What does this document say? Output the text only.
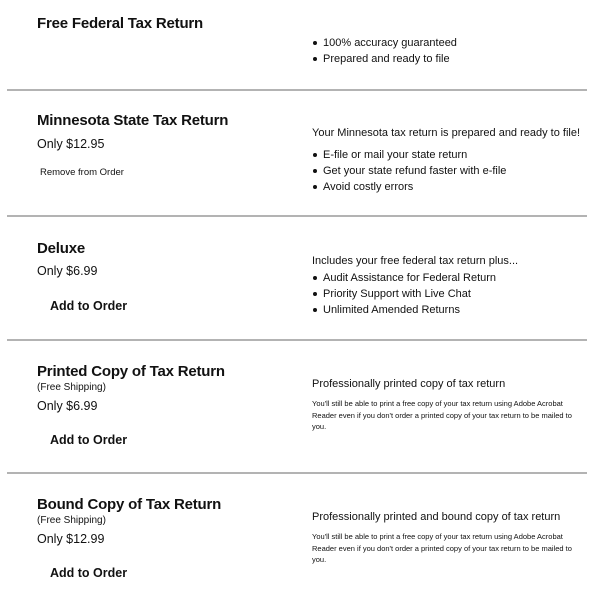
Free Federal Tax Return
100% accuracy guaranteed
Prepared and ready to file
Minnesota State Tax Return
Only $12.95
Remove from Order
Your Minnesota tax return is prepared and ready to file!
E-file or mail your state return
Get your state refund faster with e-file
Avoid costly errors
Deluxe
Only $6.99
Add to Order
Includes your free federal tax return plus...
Audit Assistance for Federal Return
Priority Support with Live Chat
Unlimited Amended Returns
Printed Copy of Tax Return
(Free Shipping)
Only $6.99
Add to Order
Professionally printed copy of tax return
You'll still be able to print a free copy of your tax return using Adobe Acrobat Reader even if you don't order a printed copy of your tax return to be mailed to you.
Bound Copy of Tax Return
(Free Shipping)
Only $12.99
Add to Order
Professionally printed and bound copy of tax return
You'll still be able to print a free copy of your tax return using Adobe Acrobat Reader even if you don't order a printed copy of your tax return to be mailed to you.
